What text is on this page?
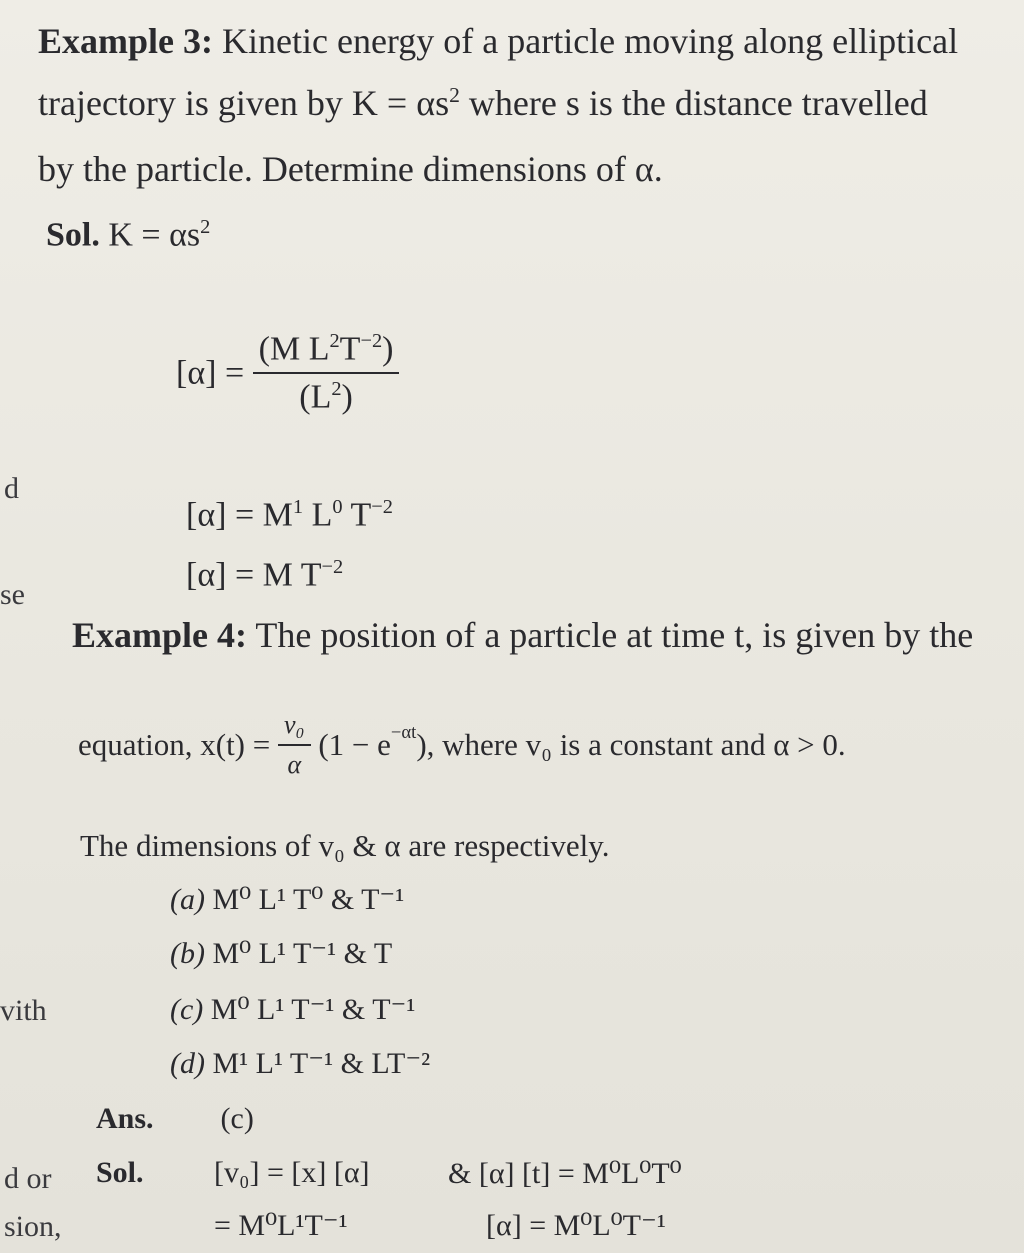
d
se
vith
d or
sion,
Example 3: Kinetic energy of a particle moving along elliptical
trajectory is given by $K = \alpha s^2$ where s is the distance travelled
by the particle. Determine dimensions of α.
Sol. $K = \alpha s^2$
$[\alpha] = \frac{(M L^2T^{-2})}{(L^2)}$
$[\alpha] = M^1$ $L^0$ $T^{-2}$
[α] = M $T^{-2}$
Example 4: The position of a particle at time t, is given by the
equation, $x(t) = \frac{\text{v₀}}{\alpha} (1 - e^{-\alpha t})$, where v₀ is a constant and α > 0.
The dimensions of v₀ & α are respectively.
(a) M⁰ L¹ T⁰ & T⁻¹
(b) M⁰ L¹ T⁻¹ & T
(c) M⁰ L¹ T⁻¹ & T⁻¹
(d) M¹ L¹ T⁻¹ & LT⁻²
Ans. (c)
Sol. [v₀] = [x] [α]	& [α] [t] = M⁰L⁰T⁰
= M⁰L¹T⁻¹	[α] = M⁰L⁰T⁻¹
